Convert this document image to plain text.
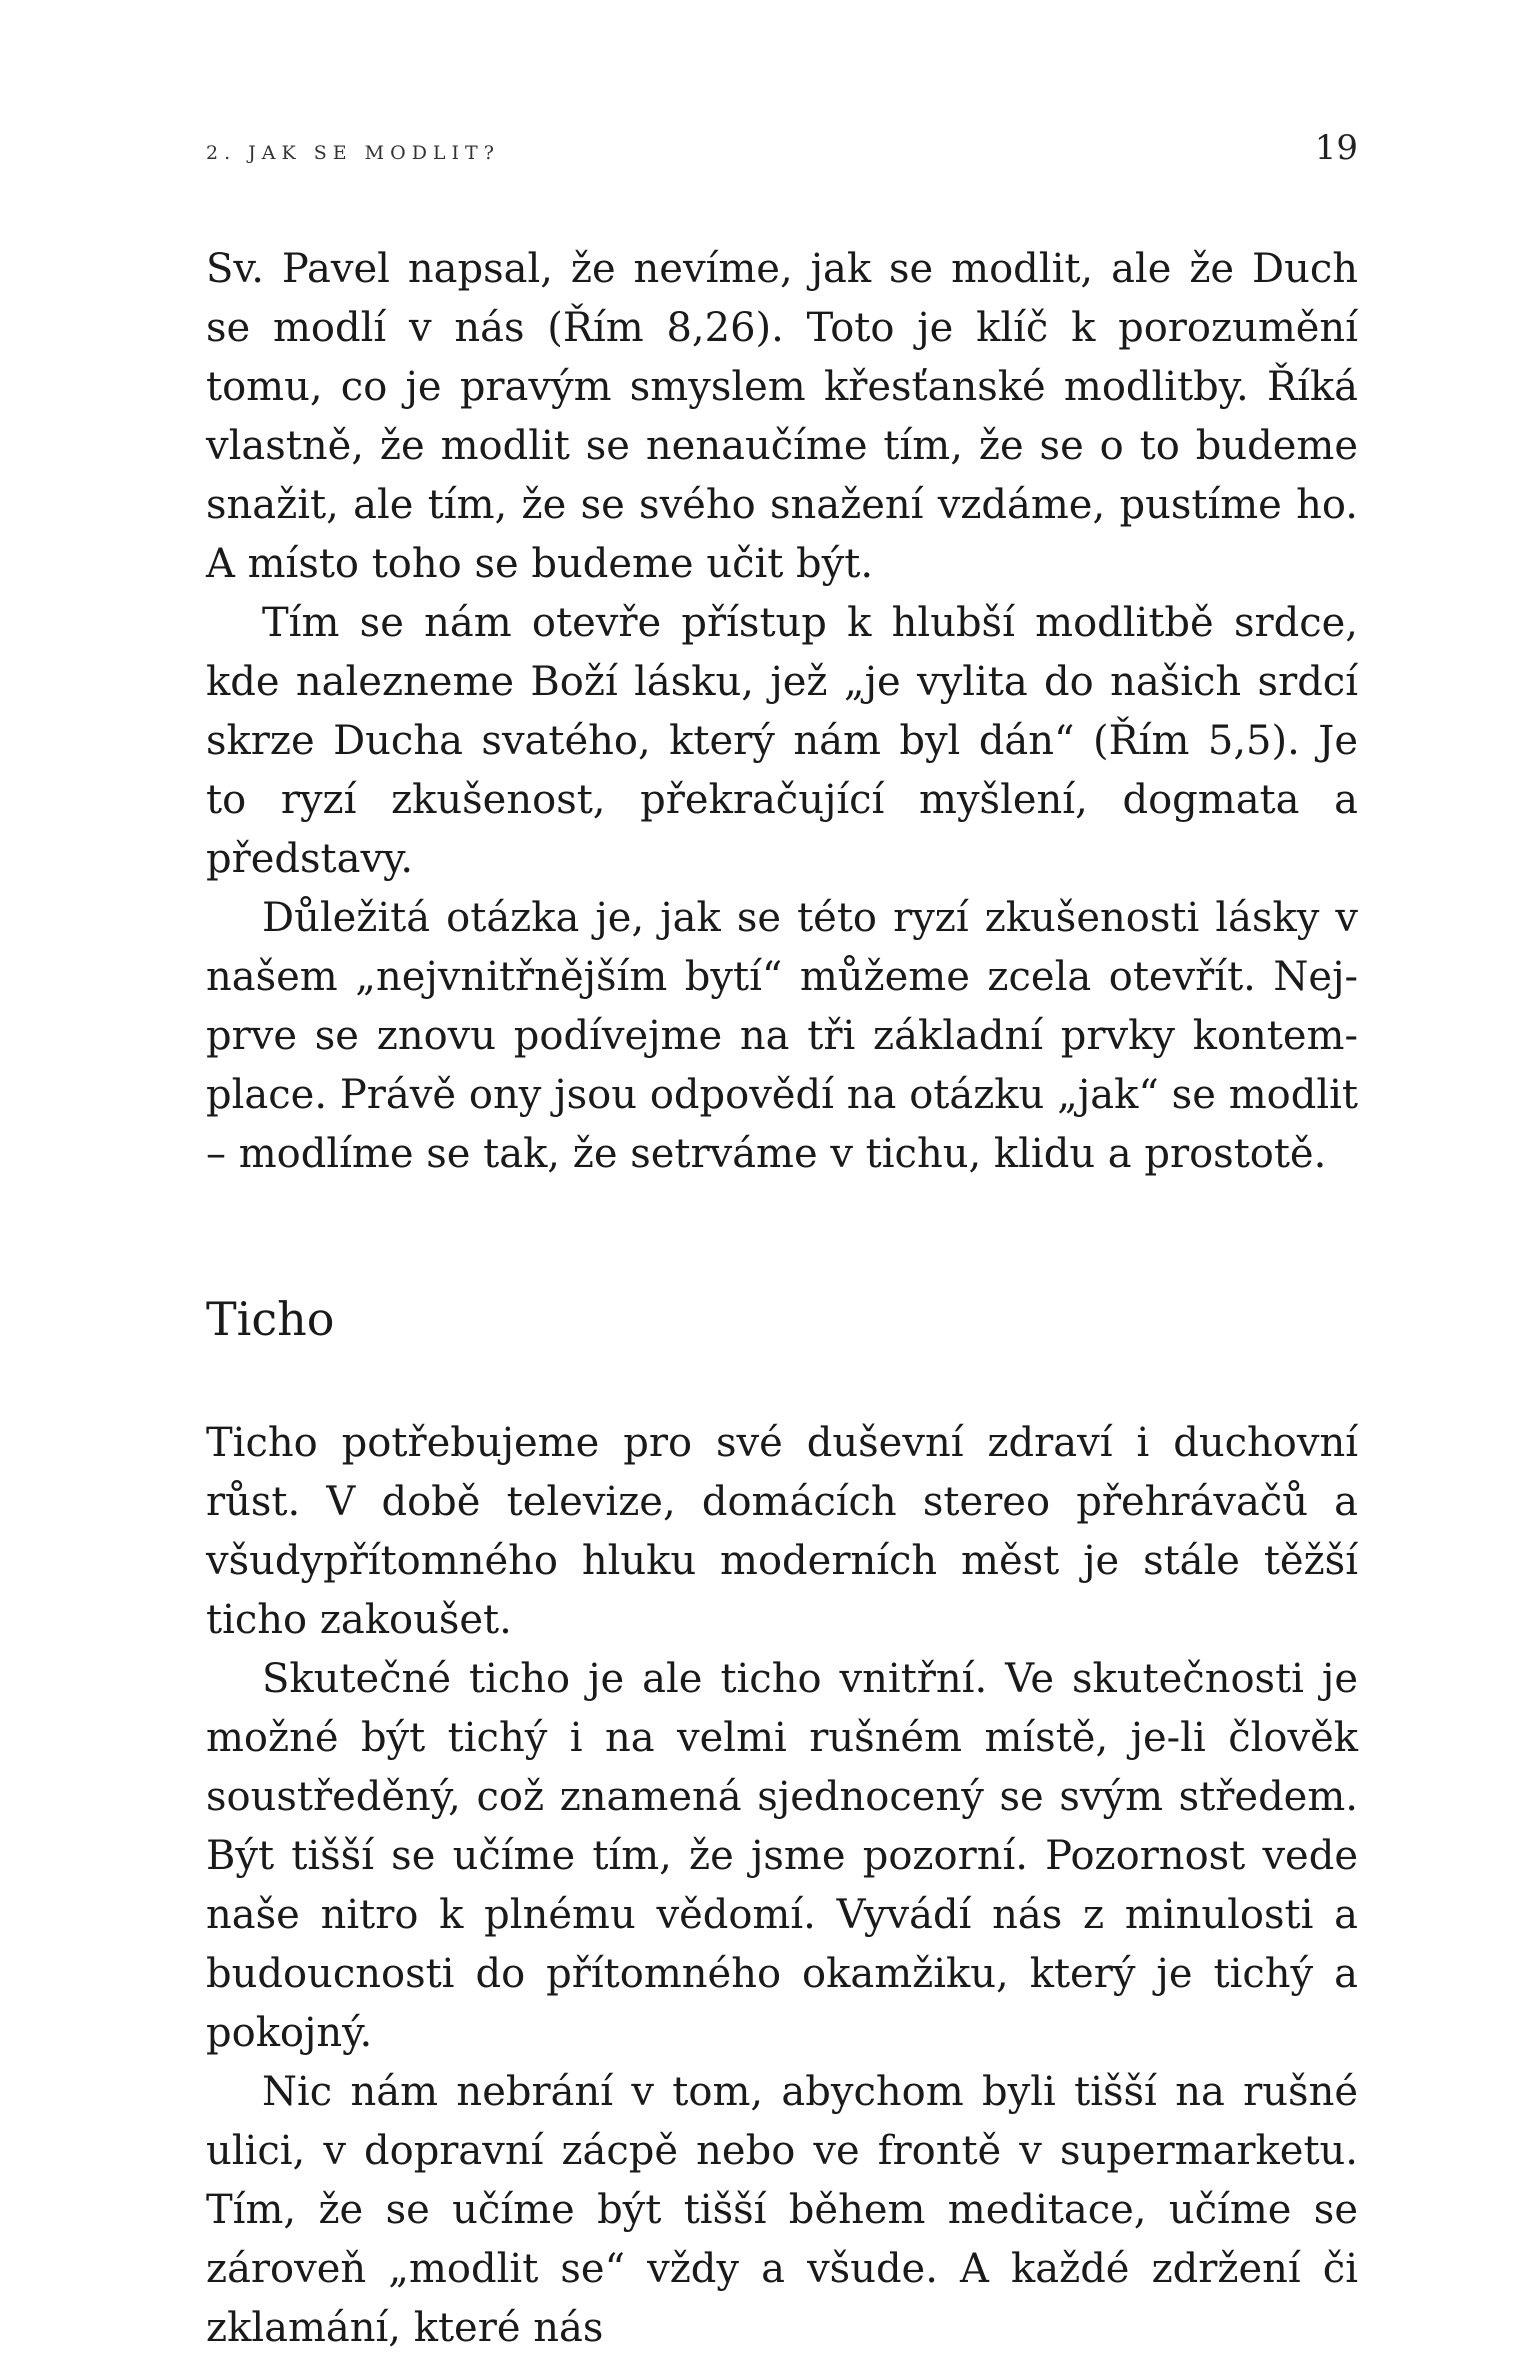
2. JAK SE MODLIT?	19

Sv. Pavel napsal, že nevíme, jak se modlit, ale že Duch se modlí v nás (Řím 8,26). Toto je klíč k porozumění tomu, co je pravým smyslem křesťanské modlitby. Říká vlastně, že modlit se nenaučíme tím, že se o to budeme snažit, ale tím, že se svého snažení vzdáme, pustíme ho. A místo toho se budeme učit být.

Tím se nám otevře přístup k hlubší modlitbě srdce, kde nalezneme Boží lásku, jež „je vylita do našich srdcí skrze Ducha svatého, který nám byl dán“ (Řím 5,5). Je to ryzí zkušenost, překračující myšlení, dogmata a představy.

Důležitá otázka je, jak se této ryzí zkušenosti lásky v našem „nejvnitřnějším bytí“ můžeme zcela otevřít. Nejprve se znovu podívejme na tři základní prvky kontemplace. Právě ony jsou odpovědí na otázku „jak“ se modlit – modlíme se tak, že setrváme v tichu, klidu a prostotě.

Ticho

Ticho potřebujeme pro své duševní zdraví i duchovní růst. V době televize, domácích stereo přehrávačů a všudypřítomného hluku moderních měst je stále těžší ticho zakoušet.

Skutečné ticho je ale ticho vnitřní. Ve skutečnosti je možné být tichý i na velmi rušném místě, je-li člověk soustředěný, což znamená sjednocený se svým středem. Být tišší se učíme tím, že jsme pozorní. Pozornost vede naše nitro k plnému vědomí. Vyvádí nás z minulosti a budoucnosti do přítomného okamžiku, který je tichý a pokojný.

Nic nám nebrání v tom, abychom byli tišší na rušné ulici, v dopravní zácpě nebo ve frontě v supermarketu. Tím, že se učíme být tišší během meditace, učíme se zároveň „modlit se“ vždy a všude. A každé zdržení či zklamání, které nás
